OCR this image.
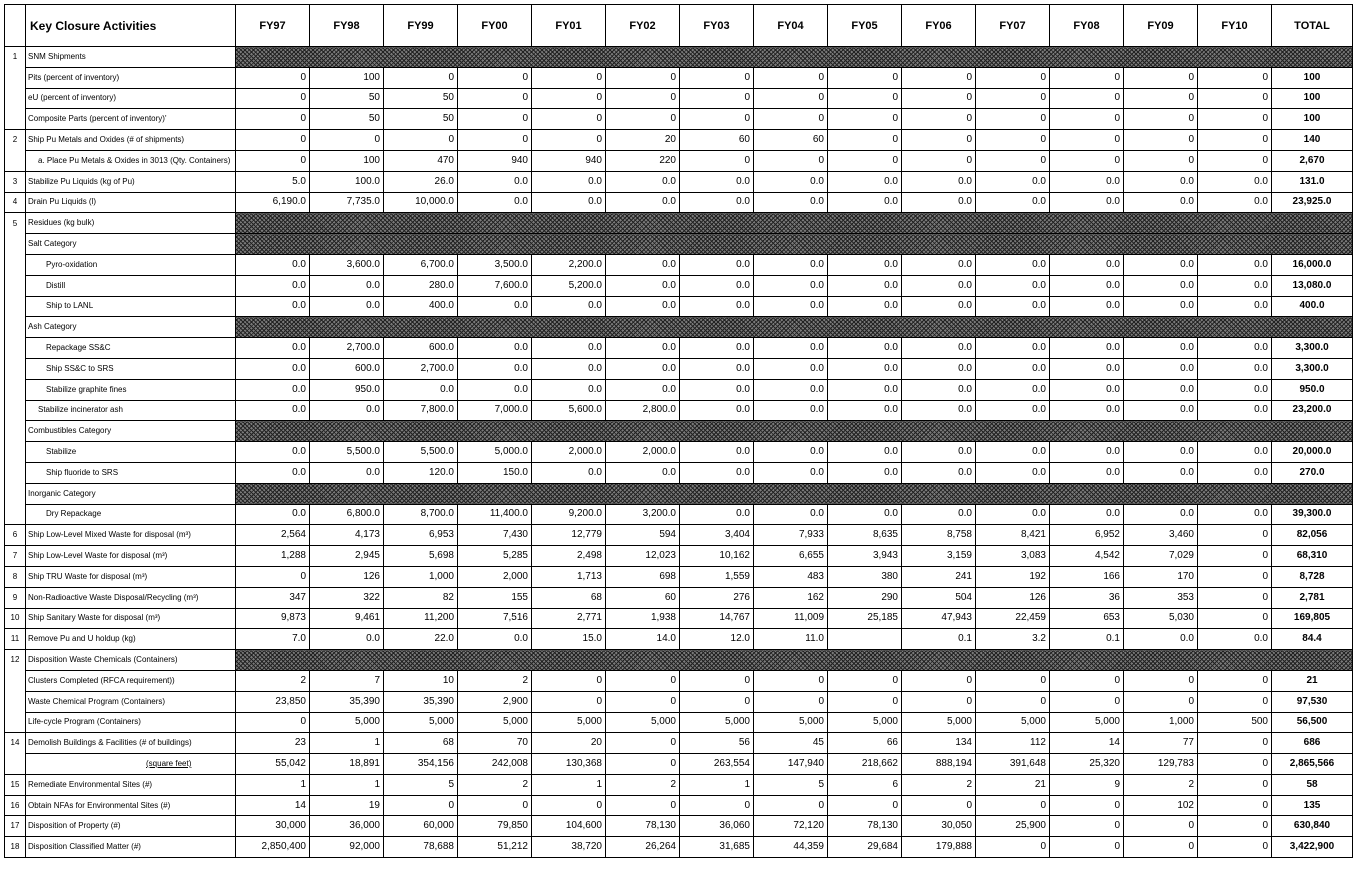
	Key Closure Activities	FY97	FY98	FY99	FY00	FY01	FY02	FY03	FY04	FY05	FY06	FY07	FY08	FY09	FY10	TOTAL
1	SNM Shipments															
	Pits (percent of inventory)	0	100	0	0	0	0	0	0	0	0	0	0	0	0	100
	eU (percent of inventory)	0	50	50	0	0	0	0	0	0	0	0	0	0	0	100
	Composite Parts (percent of inventory)'	0	50	50	0	0	0	0	0	0	0	0	0	0	0	100
2	Ship Pu Metals and Oxides (# of shipments)	0	0	0	0	0	20	60	60	0	0	0	0	0	0	140
	a. Place Pu Metals & Oxides in 3013 (Qty. Containers)	0	100	470	940	940	220	0	0	0	0	0	0	0	0	2,670
3	Stabilize Pu Liquids (kg of Pu)	5.0	100.0	26.0	0.0	0.0	0.0	0.0	0.0	0.0	0.0	0.0	0.0	0.0	0.0	131.0
4	Drain Pu Liquids (l)	6,190.0	7,735.0	10,000.0	0.0	0.0	0.0	0.0	0.0	0.0	0.0	0.0	0.0	0.0	0.0	23,925.0
5	Residues (kg bulk)															
	Salt Category															
	Pyro-oxidation	0.0	3,600.0	6,700.0	3,500.0	2,200.0	0.0	0.0	0.0	0.0	0.0	0.0	0.0	0.0	0.0	16,000.0
	Distill	0.0	0.0	280.0	7,600.0	5,200.0	0.0	0.0	0.0	0.0	0.0	0.0	0.0	0.0	0.0	13,080.0
	Ship to LANL	0.0	0.0	400.0	0.0	0.0	0.0	0.0	0.0	0.0	0.0	0.0	0.0	0.0	0.0	400.0
	Ash Category															
	Repackage SS&C	0.0	2,700.0	600.0	0.0	0.0	0.0	0.0	0.0	0.0	0.0	0.0	0.0	0.0	0.0	3,300.0
	Ship SS&C to SRS	0.0	600.0	2,700.0	0.0	0.0	0.0	0.0	0.0	0.0	0.0	0.0	0.0	0.0	0.0	3,300.0
	Stabilize graphite fines	0.0	950.0	0.0	0.0	0.0	0.0	0.0	0.0	0.0	0.0	0.0	0.0	0.0	0.0	950.0
	Stabilize incinerator ash	0.0	0.0	7,800.0	7,000.0	5,600.0	2,800.0	0.0	0.0	0.0	0.0	0.0	0.0	0.0	0.0	23,200.0
	Combustibles Category															
	Stabilize	0.0	5,500.0	5,500.0	5,000.0	2,000.0	2,000.0	0.0	0.0	0.0	0.0	0.0	0.0	0.0	0.0	20,000.0
	Ship fluoride to SRS	0.0	0.0	120.0	150.0	0.0	0.0	0.0	0.0	0.0	0.0	0.0	0.0	0.0	0.0	270.0
	Inorganic Category															
	Dry Repackage	0.0	6,800.0	8,700.0	11,400.0	9,200.0	3,200.0	0.0	0.0	0.0	0.0	0.0	0.0	0.0	0.0	39,300.0
6	Ship Low-Level Mixed Waste for disposal (m³)	2,564	4,173	6,953	7,430	12,779	594	3,404	7,933	8,635	8,758	8,421	6,952	3,460	0	82,056
7	Ship Low-Level Waste for disposal (m³)	1,288	2,945	5,698	5,285	2,498	12,023	10,162	6,655	3,943	3,159	3,083	4,542	7,029	0	68,310
8	Ship TRU Waste for disposal (m³)	0	126	1,000	2,000	1,713	698	1,559	483	380	241	192	166	170	0	8,728
9	Non-Radioactive Waste Disposal/Recycling (m³)	347	322	82	155	68	60	276	162	290	504	126	36	353	0	2,781
10	Ship Sanitary Waste for disposal (m³)	9,873	9,461	11,200	7,516	2,771	1,938	14,767	11,009	25,185	47,943	22,459	653	5,030	0	169,805
11	Remove Pu and U holdup (kg)	7.0	0.0	22.0	0.0	15.0	14.0	12.0	11.0		0.1	3.2	0.1	0.0	0.0	84.4
12	Disposition Waste Chemicals (Containers)															
	Clusters Completed (RFCA requirement))	2	7	10	2	0	0	0	0	0	0	0	0	0	0	21
	Waste Chemical Program (Containers)	23,850	35,390	35,390	2,900	0	0	0	0	0	0	0	0	0	0	97,530
	Life-cycle Program (Containers)	0	5,000	5,000	5,000	5,000	5,000	5,000	5,000	5,000	5,000	5,000	5,000	1,000	500	56,500
14	Demolish Buildings & Facilities (# of buildings)	23	1	68	70	20	0	56	45	66	134	112	14	77	0	686
	(square feet)	55,042	18,891	354,156	242,008	130,368	0	263,554	147,940	218,662	888,194	391,648	25,320	129,783	0	2,865,566
15	Remediate Environmental Sites (#)	1	1	5	2	1	2	1	5	6	2	21	9	2	0	58
16	Obtain NFAs for Environmental Sites (#)	14	19	0	0	0	0	0	0	0	0	0	0	102	0	135
17	Disposition of Property (#)	30,000	36,000	60,000	79,850	104,600	78,130	36,060	72,120	78,130	30,050	25,900	0	0	0	630,840
18	Disposition Classified Matter (#)	2,850,400	92,000	78,688	51,212	38,720	26,264	31,685	44,359	29,684	179,888	0	0	0	0	3,422,900
